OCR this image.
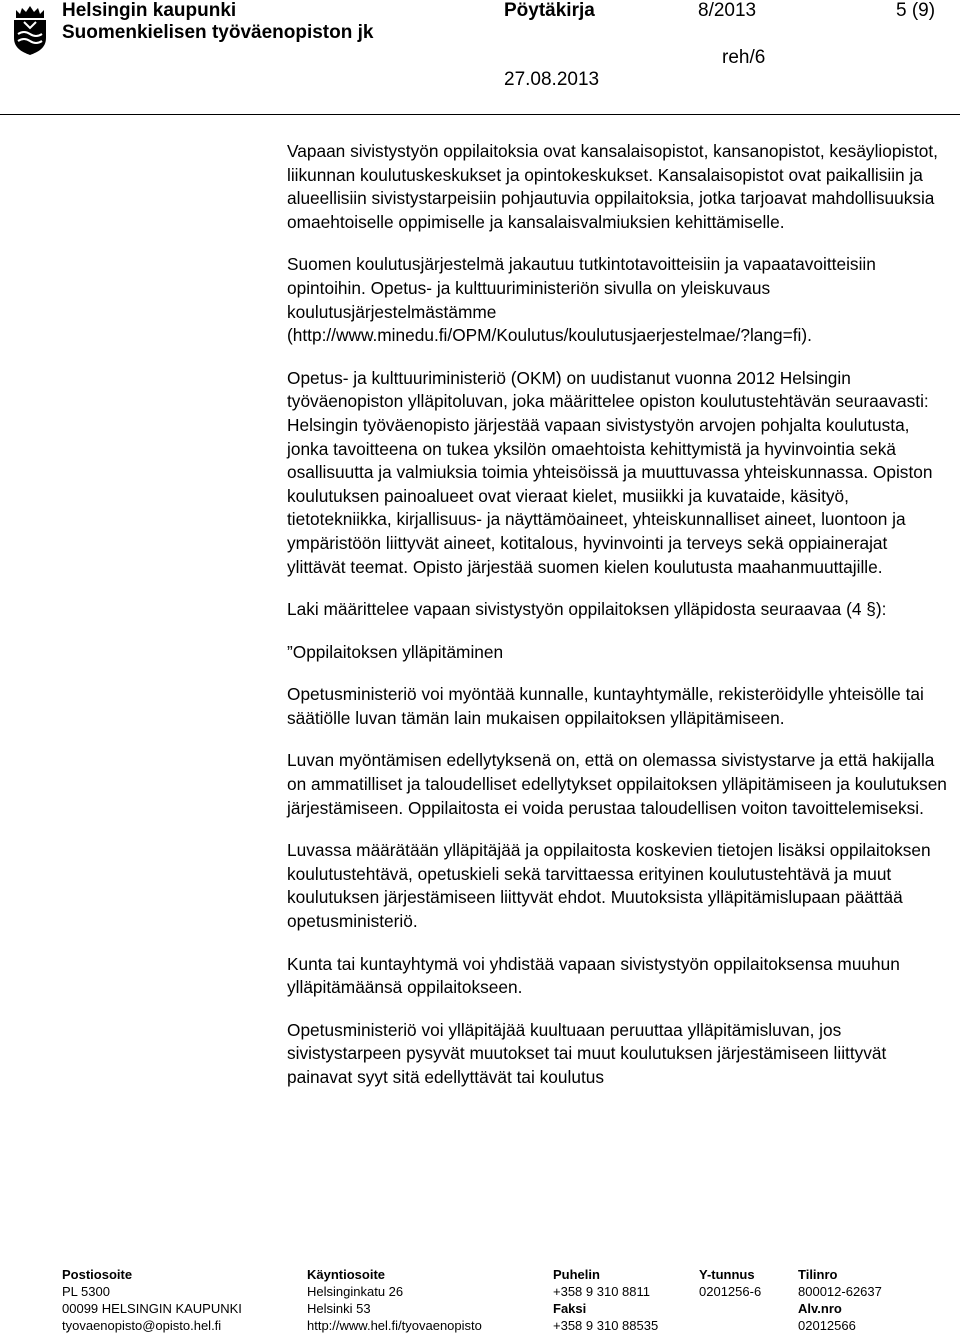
Helsingin kaupunki
Suomenkielisen työväenopiston jk
Pöytäkirja	8/2013	5 (9)
reh/6
27.08.2013

Vapaan sivistystyön oppilaitoksia ovat kansalaisopistot, kansanopistot, kesäyliopistot, liikunnan koulutuskeskukset ja opintokeskukset. Kansalaisopistot ovat paikallisiin ja alueellisiin sivistystarpeisiin pohjautuvia oppilaitoksia, jotka tarjoavat mahdollisuuksia omaehtoiselle oppimiselle ja kansalaisvalmiuksien kehittämiselle.

Suomen koulutusjärjestelmä jakautuu tutkintotavoitteisiin ja vapaatavoitteisiin opintoihin. Opetus- ja kulttuuriministeriön sivulla on yleiskuvaus koulutusjärjestelmästämme (http://www.minedu.fi/OPM/Koulutus/koulutusjaerjestelmae/?lang=fi).

Opetus- ja kulttuuriministeriö (OKM) on uudistanut vuonna 2012 Helsingin työväenopiston ylläpitoluvan, joka määrittelee opiston koulutustehtävän seuraavasti: Helsingin työväenopisto järjestää vapaan sivistystyön arvojen pohjalta koulutusta, jonka tavoitteena on tukea yksilön omaehtoista kehittymistä ja hyvinvointia sekä osallisuutta ja valmiuksia toimia yhteisöissä ja muuttuvassa yhteiskunnassa. Opiston koulutuksen painoalueet ovat vieraat kielet, musiikki ja kuvataide, käsityö, tietotekniikka, kirjallisuus- ja näyttämöaineet, yhteiskunnalliset aineet, luontoon ja ympäristöön liittyvät aineet, kotitalous, hyvinvointi ja terveys sekä oppiainerajat ylittävät teemat. Opisto järjestää suomen kielen koulutusta maahanmuuttajille.

Laki määrittelee vapaan sivistystyön oppilaitoksen ylläpidosta seuraavaa (4 §):

”Oppilaitoksen ylläpitäminen

Opetusministeriö voi myöntää kunnalle, kuntayhtymälle, rekisteröidylle yhteisölle tai säätiölle luvan tämän lain mukaisen oppilaitoksen ylläpitämiseen.

Luvan myöntämisen edellytyksenä on, että on olemassa sivistystarve ja että hakijalla on ammatilliset ja taloudelliset edellytykset oppilaitoksen ylläpitämiseen ja koulutuksen järjestämiseen. Oppilaitosta ei voida perustaa taloudellisen voiton tavoittelemiseksi.

Luvassa määrätään ylläpitäjää ja oppilaitosta koskevien tietojen lisäksi oppilaitoksen koulutustehtävä, opetuskieli sekä tarvittaessa erityinen koulutustehtävä ja muut koulutuksen järjestämiseen liittyvät ehdot. Muutoksista ylläpitämislupaan päättää opetusministeriö.

Kunta tai kuntayhtymä voi yhdistää vapaan sivistystyön oppilaitoksensa muuhun ylläpitämäänsä oppilaitokseen.

Opetusministeriö voi ylläpitäjää kuultuaan peruuttaa ylläpitämisluvan, jos sivistystarpeen pysyvät muutokset tai muut koulutuksen järjestämiseen liittyvät painavat syyt sitä edellyttävät tai koulutus

Postiosoite
PL 5300
00099 HELSINGIN KAUPUNKI
tyovaenopisto@opisto.hel.fi
Käyntiosoite
Helsinginkatu 26
Helsinki 53
http://www.hel.fi/tyovaenopisto
Puhelin
+358 9 310 8811
Faksi
+358 9 310 88535
Y-tunnus
0201256-6
Tilinro
800012-62637
Alv.nro
02012566
